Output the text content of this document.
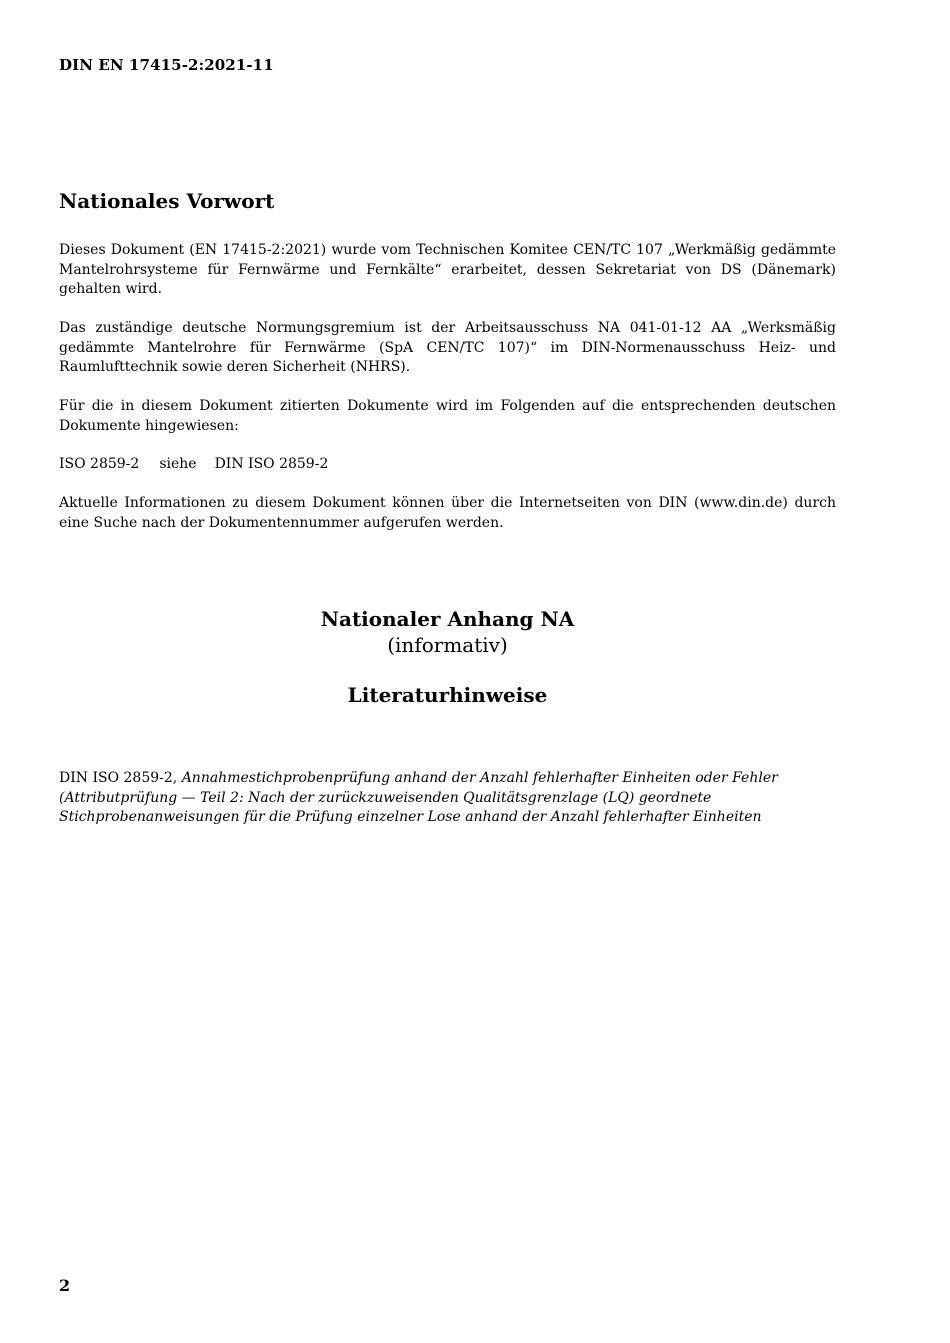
DIN EN 17415-2:2021-11
Nationales Vorwort

Dieses Dokument (EN 17415-2:2021) wurde vom Technischen Komitee CEN/TC 107 „Werkmäßig gedämmte Mantelrohrsysteme für Fernwärme und Fernkälte“ erarbeitet, dessen Sekretariat von DS (Dänemark) gehalten wird.

Das zuständige deutsche Normungsgremium ist der Arbeitsausschuss NA 041-01-12 AA „Werksmäßig gedämmte Mantelrohre für Fernwärme (SpA CEN/TC 107)“ im DIN-Normenausschuss Heiz- und Raumlufttechnik sowie deren Sicherheit (NHRS).

Für die in diesem Dokument zitierten Dokumente wird im Folgenden auf die entsprechenden deutschen Dokumente hingewiesen:

ISO 2859-2 siehe DIN ISO 2859-2

Aktuelle Informationen zu diesem Dokument können über die Internetseiten von DIN (www.din.de) durch eine Suche nach der Dokumentennummer aufgerufen werden.

Nationaler Anhang NA
(informativ)
Literaturhinweise

DIN ISO 2859-2, Annahmestichprobenprüfung anhand der Anzahl fehlerhafter Einheiten oder Fehler (Attributprüfung — Teil 2: Nach der zurückzuweisenden Qualitätsgrenzlage (LQ) geordnete Stichprobenanweisungen für die Prüfung einzelner Lose anhand der Anzahl fehlerhafter Einheiten

2
